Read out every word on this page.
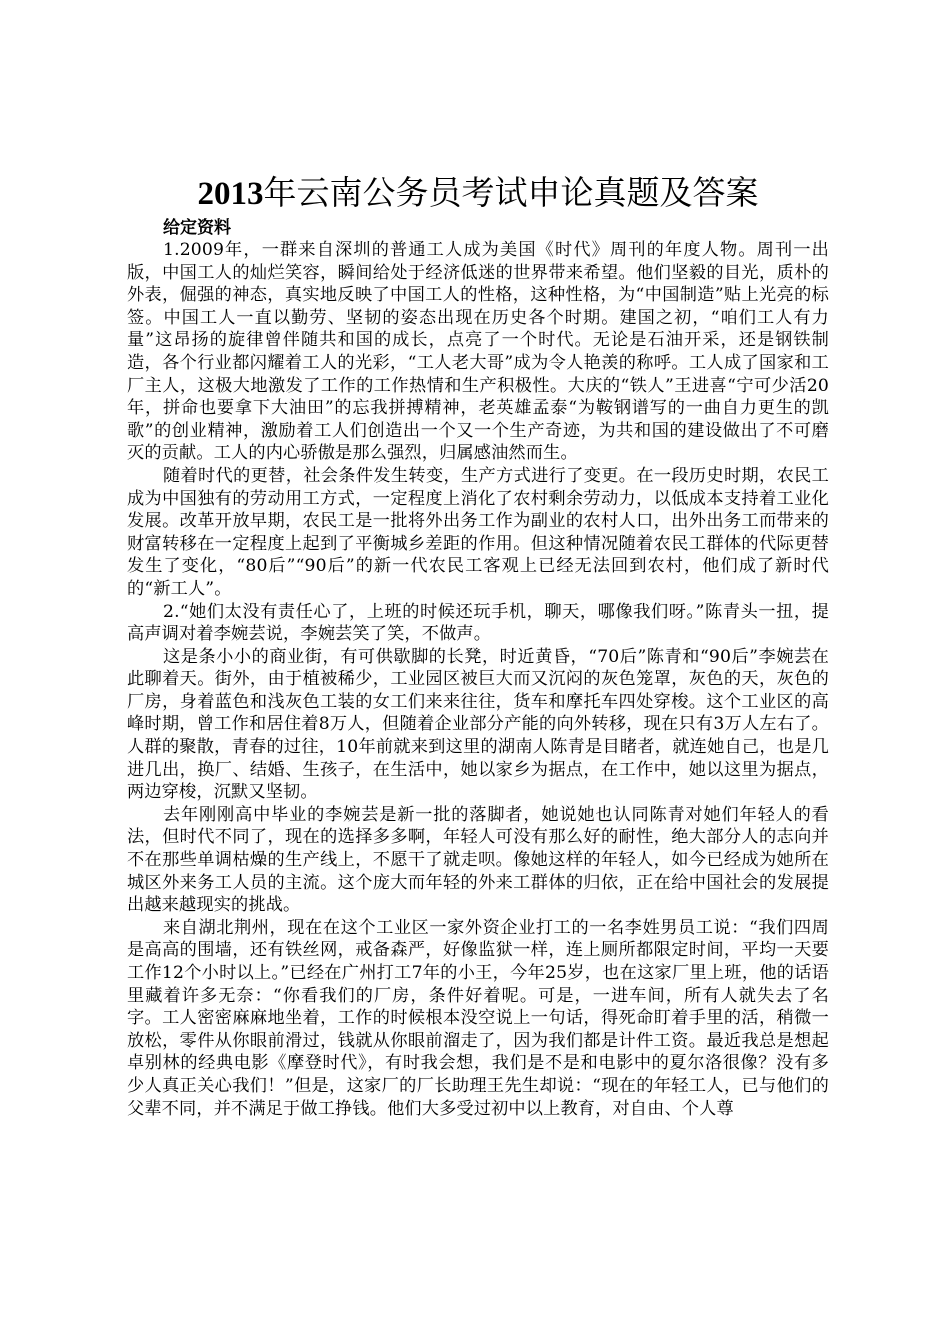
2013年云南公务员考试申论真题及答案
给定资料

1.2009年，一群来自深圳的普通工人成为美国《时代》周刊的年度人物。周刊一出版，中国工人的灿烂笑容，瞬间给处于经济低迷的世界带来希望。他们坚毅的目光，质朴的外表，倔强的神态，真实地反映了中国工人的性格，这种性格，为“中国制造”贴上光亮的标签。中国工人一直以勤劳、坚韧的姿态出现在历史各个时期。建国之初，“咱们工人有力量”这昂扬的旋律曾伴随共和国的成长，点亮了一个时代。无论是石油开采，还是钢铁制造，各个行业都闪耀着工人的光彩，“工人老大哥”成为令人艳羡的称呼。工人成了国家和工厂主人，这极大地激发了工作的工作热情和生产积极性。大庆的“铁人”王进喜“宁可少活20年，拼命也要拿下大油田”的忘我拼搏精神，老英雄孟泰“为鞍钢谱写的一曲自力更生的凯歌”的创业精神，激励着工人们创造出一个又一个生产奇迹，为共和国的建设做出了不可磨灭的贡献。工人的内心骄傲是那么强烈，归属感油然而生。

随着时代的更替，社会条件发生转变，生产方式进行了变更。在一段历史时期，农民工成为中国独有的劳动用工方式，一定程度上消化了农村剩余劳动力，以低成本支持着工业化发展。改革开放早期，农民工是一批将外出务工作为副业的农村人口，出外出务工而带来的财富转移在一定程度上起到了平衡城乡差距的作用。但这种情况随着农民工群体的代际更替发生了变化，“80后”“90后”的新一代农民工客观上已经无法回到农村，他们成了新时代的“新工人”。

2.“她们太没有责任心了，上班的时候还玩手机，聊天，哪像我们呀。”陈青头一扭，提高声调对着李婉芸说，李婉芸笑了笑，不做声。

这是条小小的商业街，有可供歇脚的长凳，时近黄昏，“70后”陈青和“90后”李婉芸在此聊着天。街外，由于植被稀少，工业园区被巨大而又沉闷的灰色笼罩，灰色的天，灰色的厂房，身着蓝色和浅灰色工装的女工们来来往往，货车和摩托车四处穿梭。这个工业区的高峰时期，曾工作和居住着8万人，但随着企业部分产能的向外转移，现在只有3万人左右了。人群的聚散，青春的过往，10年前就来到这里的湖南人陈青是目睹者，就连她自己，也是几进几出，换厂、结婚、生孩子，在生活中，她以家乡为据点，在工作中，她以这里为据点，两边穿梭，沉默又坚韧。

去年刚刚高中毕业的李婉芸是新一批的落脚者，她说她也认同陈青对她们年轻人的看法，但时代不同了，现在的选择多多啊，年轻人可没有那么好的耐性，绝大部分人的志向并不在那些单调枯燥的生产线上，不愿干了就走呗。像她这样的年轻人，如今已经成为她所在城区外来务工人员的主流。这个庞大而年轻的外来工群体的归依，正在给中国社会的发展提出越来越现实的挑战。

来自湖北荆州，现在在这个工业区一家外资企业打工的一名李姓男员工说：“我们四周是高高的围墙，还有铁丝网，戒备森严，好像监狱一样，连上厕所都限定时间，平均一天要工作12个小时以上。”已经在广州打工7年的小王，今年25岁，也在这家厂里上班，他的话语里藏着许多无奈：“你看我们的厂房，条件好着呢。可是，一进车间，所有人就失去了名字。工人密密麻麻地坐着，工作的时候根本没空说上一句话，得死命盯着手里的活，稍微一放松，零件从你眼前滑过，钱就从你眼前溜走了，因为我们都是计件工资。最近我总是想起卓别林的经典电影《摩登时代》，有时我会想，我们是不是和电影中的夏尔洛很像？没有多少人真正关心我们！”但是，这家厂的厂长助理王先生却说：“现在的年轻工人，已与他们的父辈不同，并不满足于做工挣钱。他们大多受过初中以上教育，对自由、个人尊
